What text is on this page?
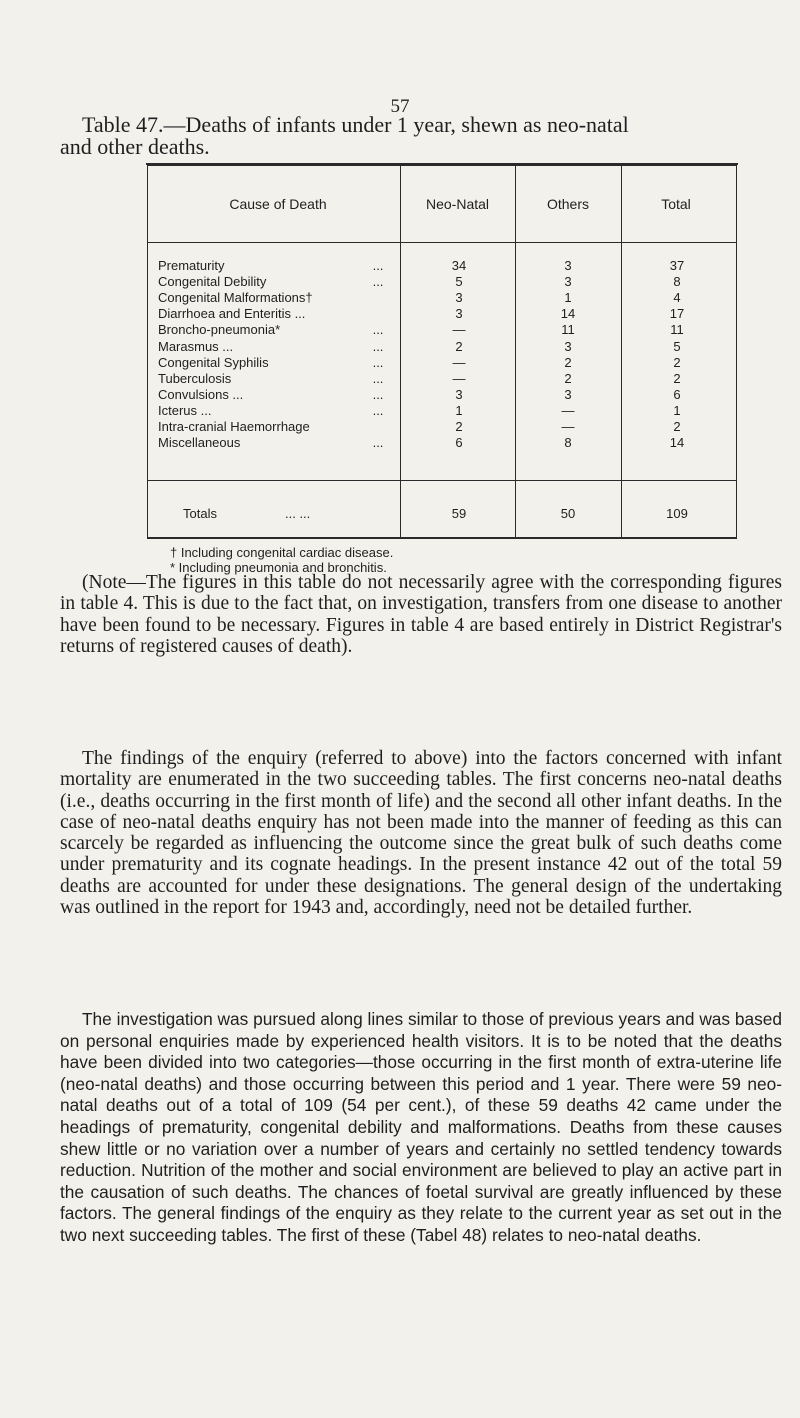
57
Table 47.—Deaths of infants under 1 year, shewn as neo-natal
and other deaths.
Cause of Death	Neo-Natal	Others	Total
Prematurity	...	34	3	37
Congenital Debility	...	5	3	8
Congenital Malformations†	3	1	4
Diarrhoea and Enteritis ...	3	14	17
Broncho-pneumonia*	...	—	11	11
Marasmus ...	...	2	3	5
Congenital Syphilis	...	—	2	2
Tuberculosis	...	—	2	2
Convulsions ...	...	3	3	6
Icterus ...	...	1	—	1
Intra-cranial Haemorrhage	2	—	2
Miscellaneous	...	6	8	14
Totals	... ...	59	50	109
† Including congenital cardiac disease.
* Including pneumonia and bronchitis.

(Note—The figures in this table do not necessarily agree with the corresponding figures in table 4. This is due to the fact that, on investigation, transfers from one disease to another have been found to be necessary. Figures in table 4 are based entirely in District Registrar's returns of registered causes of death).

The findings of the enquiry (referred to above) into the factors concerned with infant mortality are enumerated in the two succeeding tables. The first concerns neo-natal deaths (i.e., deaths occurring in the first month of life) and the second all other infant deaths. In the case of neo-natal deaths enquiry has not been made into the manner of feeding as this can scarcely be regarded as influencing the outcome since the great bulk of such deaths come under prematurity and its cognate headings. In the present instance 42 out of the total 59 deaths are accounted for under these designations. The general design of the undertaking was outlined in the report for 1943 and, accordingly, need not be detailed further.

The investigation was pursued along lines similar to those of previous years and was based on personal enquiries made by experienced health visitors. It is to be noted that the deaths have been divided into two categories—those occurring in the first month of extra-uterine life (neo-natal deaths) and those occurring between this period and 1 year. There were 59 neo-natal deaths out of a total of 109 (54 per cent.), of these 59 deaths 42 came under the headings of prematurity, congenital debility and malformations. Deaths from these causes shew little or no variation over a number of years and certainly no settled tendency towards reduction. Nutrition of the mother and social environment are believed to play an active part in the causation of such deaths. The chances of foetal survival are greatly influenced by these factors. The general findings of the enquiry as they relate to the current year as set out in the two next succeeding tables. The first of these (Tabel 48) relates to neo-natal deaths.
